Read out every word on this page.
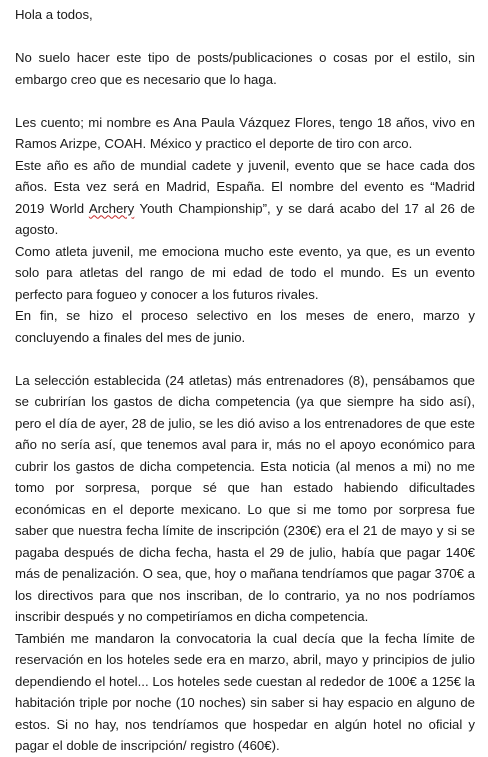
Hola a todos,

No suelo hacer este tipo de posts/publicaciones o cosas por el estilo, sin embargo creo que es necesario que lo haga.

Les cuento; mi nombre es Ana Paula Vázquez Flores, tengo 18 años, vivo en Ramos Arizpe, COAH. México y practico el deporte de tiro con arco.

Este año es año de mundial cadete y juvenil, evento que se hace cada dos años. Esta vez será en Madrid, España. El nombre del evento es “Madrid 2019 World Archery Youth Championship”, y se dará acabo del 17 al 26 de agosto.

Como atleta juvenil, me emociona mucho este evento, ya que, es un evento solo para atletas del rango de mi edad de todo el mundo. Es un evento perfecto para fogueo y conocer a los futuros rivales.

En fin, se hizo el proceso selectivo en los meses de enero, marzo y concluyendo a finales del mes de junio.

La selección establecida (24 atletas) más entrenadores (8), pensábamos que se cubrirían los gastos de dicha competencia (ya que siempre ha sido así), pero el día de ayer, 28 de julio, se les dió aviso a los entrenadores de que este año no sería así, que tenemos aval para ir, más no el apoyo económico para cubrir los gastos de dicha competencia. Esta noticia (al menos a mi) no me tomo por sorpresa, porque sé que han estado habiendo dificultades económicas en el deporte mexicano. Lo que si me tomo por sorpresa fue saber que nuestra fecha límite de inscripción (230€) era el 21 de mayo y si se pagaba después de dicha fecha, hasta el 29 de julio, había que pagar 140€ más de penalización. O sea, que, hoy o mañana tendríamos que pagar 370€ a los directivos para que nos inscriban, de lo contrario, ya no nos podríamos inscribir después y no competiríamos en dicha competencia.

También me mandaron la convocatoria la cual decía que la fecha límite de reservación en los hoteles sede era en marzo, abril, mayo y principios de julio dependiendo el hotel... Los hoteles sede cuestan al rededor de 100€ a 125€ la habitación triple por noche (10 noches) sin saber si hay espacio en alguno de estos. Si no hay, nos tendríamos que hospedar en algún hotel no oficial y pagar el doble de inscripción/ registro (460€).
